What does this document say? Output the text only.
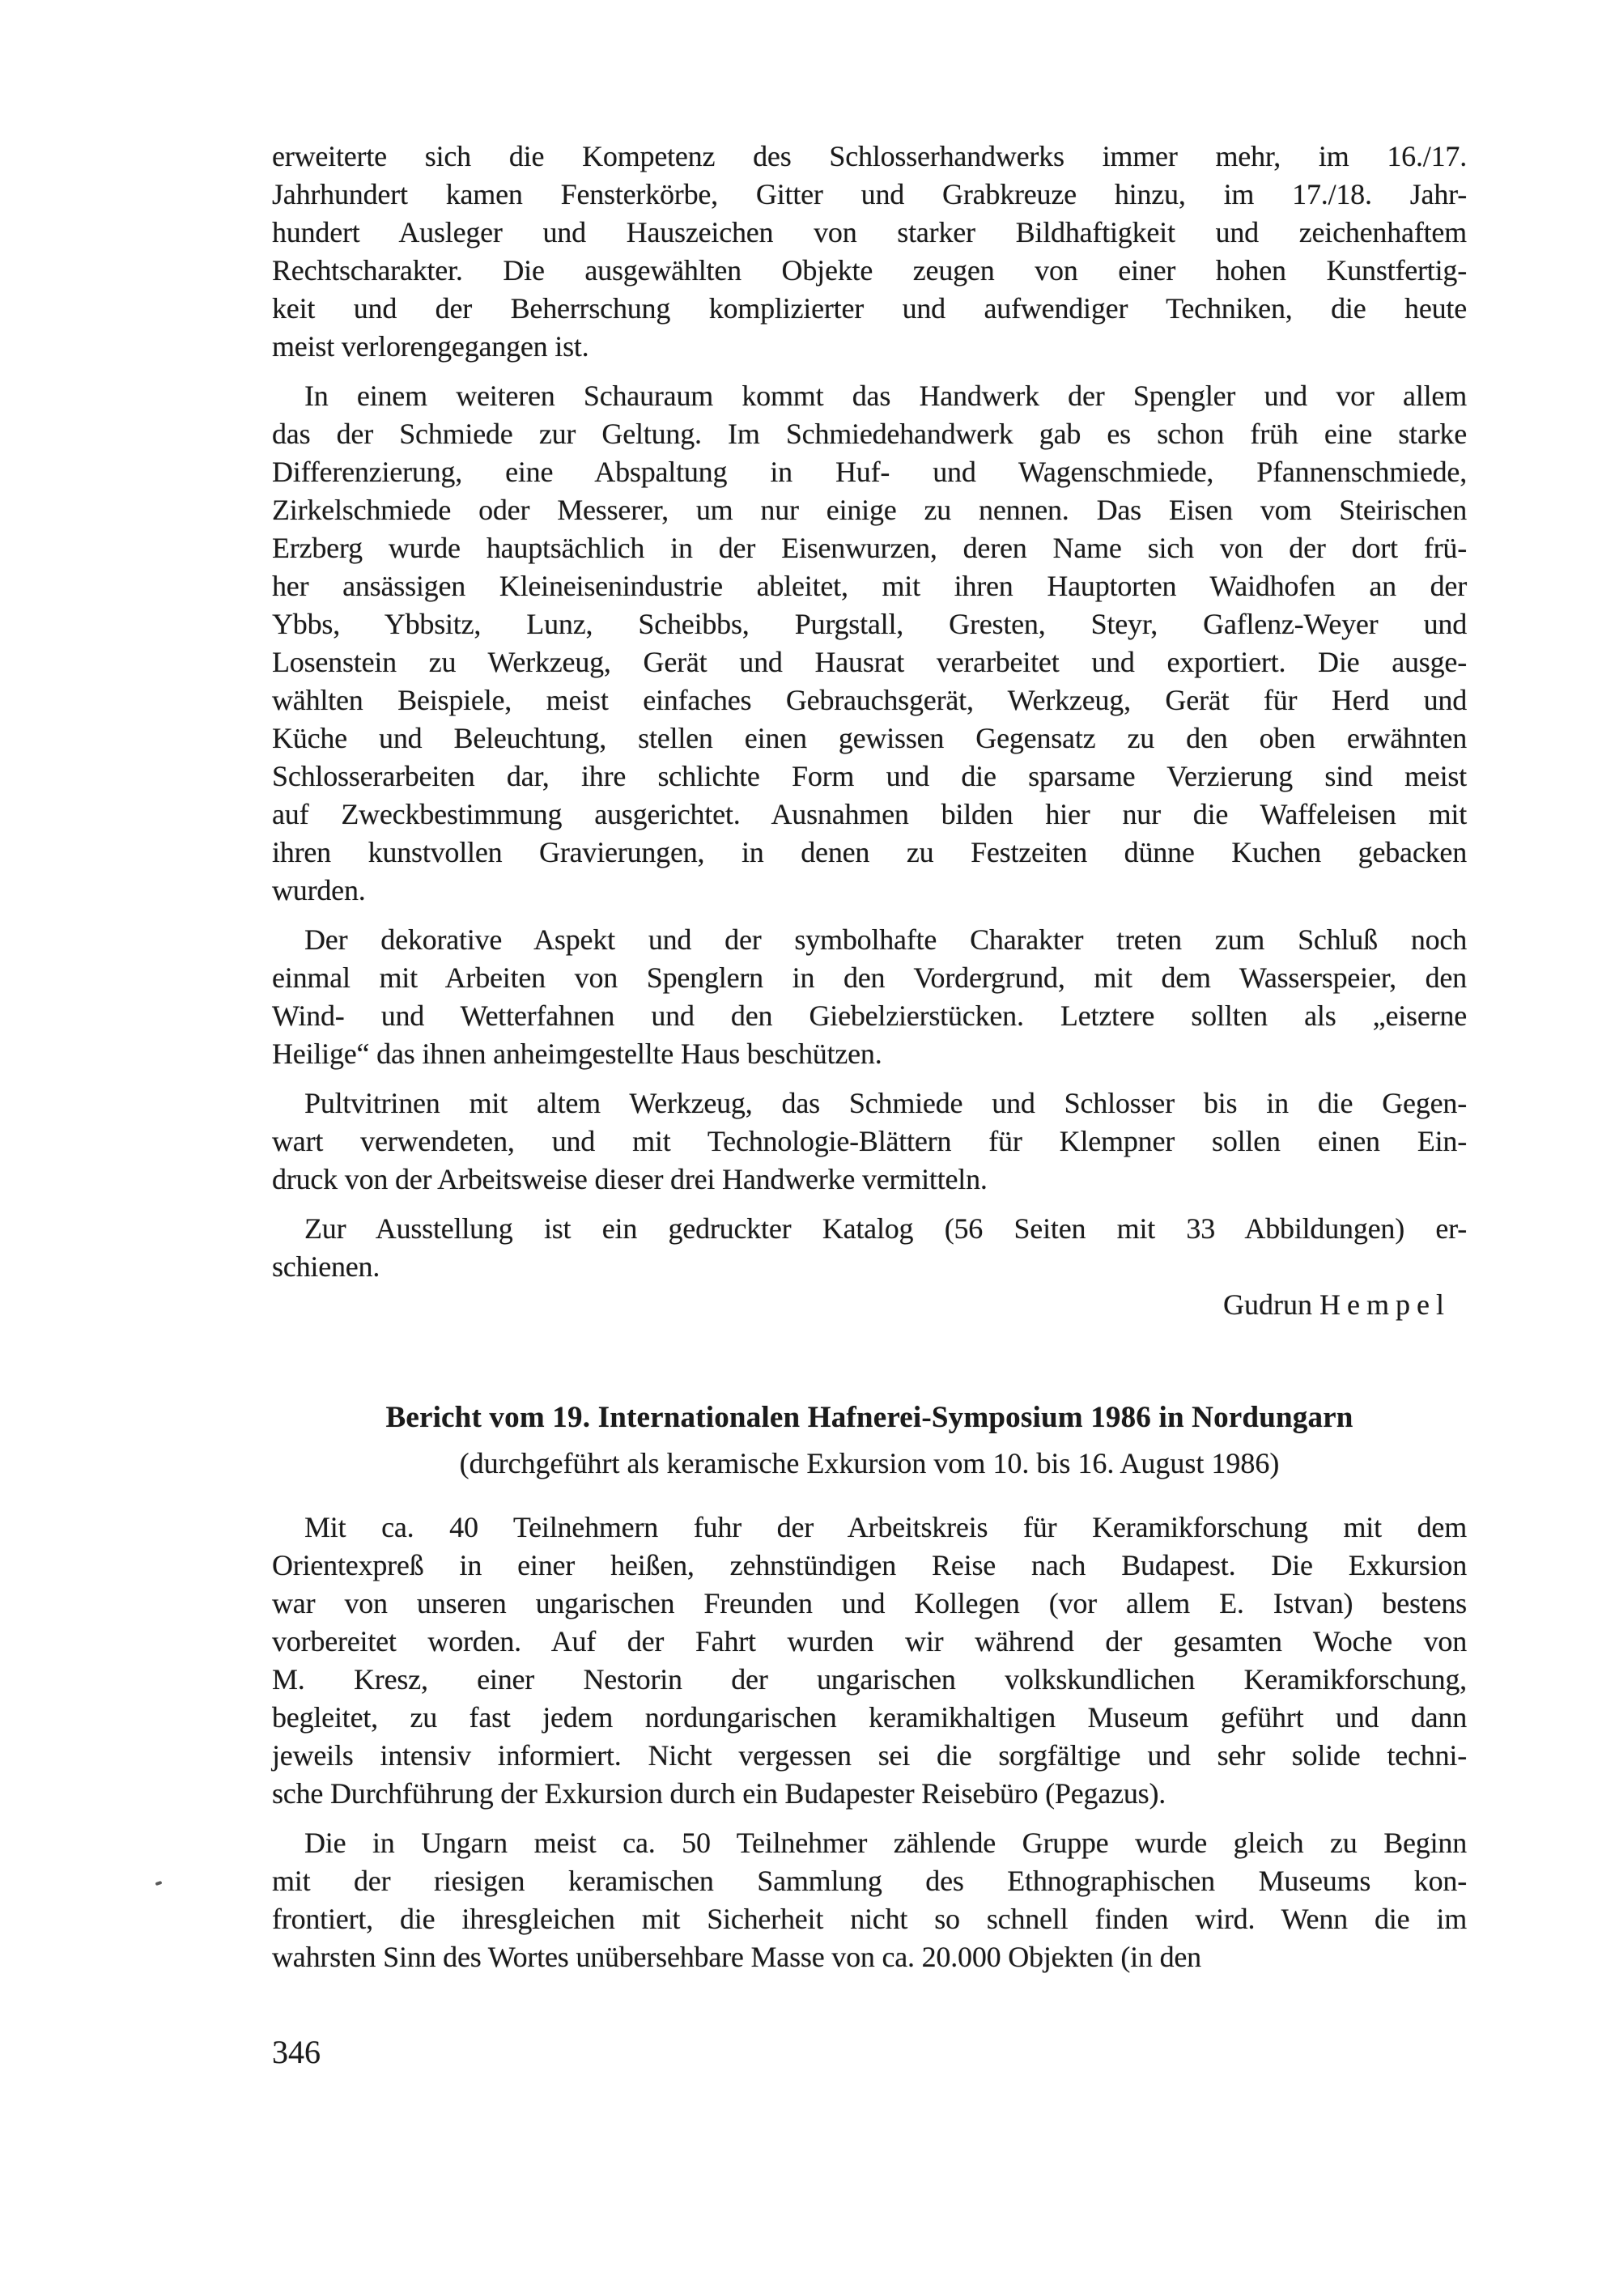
erweiterte sich die Kompetenz des Schlosserhandwerks immer mehr, im 16./17.
Jahrhundert kamen Fensterkörbe, Gitter und Grabkreuze hinzu, im 17./18. Jahr-
hundert Ausleger und Hauszeichen von starker Bildhaftigkeit und zeichenhaftem
Rechtscharakter. Die ausgewählten Objekte zeugen von einer hohen Kunstfertig-
keit und der Beherrschung komplizierter und aufwendiger Techniken, die heute
meist verlorengegangen ist.
In einem weiteren Schauraum kommt das Handwerk der Spengler und vor allem
das der Schmiede zur Geltung. Im Schmiedehandwerk gab es schon früh eine starke
Differenzierung, eine Abspaltung in Huf- und Wagenschmiede, Pfannenschmiede,
Zirkelschmiede oder Messerer, um nur einige zu nennen. Das Eisen vom Steirischen
Erzberg wurde hauptsächlich in der Eisenwurzen, deren Name sich von der dort frü-
her ansässigen Kleineisenindustrie ableitet, mit ihren Hauptorten Waidhofen an der
Ybbs, Ybbsitz, Lunz, Scheibbs, Purgstall, Gresten, Steyr, Gaflenz-Weyer und
Losenstein zu Werkzeug, Gerät und Hausrat verarbeitet und exportiert. Die ausge-
wählten Beispiele, meist einfaches Gebrauchsgerät, Werkzeug, Gerät für Herd und
Küche und Beleuchtung, stellen einen gewissen Gegensatz zu den oben erwähnten
Schlosserarbeiten dar, ihre schlichte Form und die sparsame Verzierung sind meist
auf Zweckbestimmung ausgerichtet. Ausnahmen bilden hier nur die Waffeleisen mit
ihren kunstvollen Gravierungen, in denen zu Festzeiten dünne Kuchen gebacken
wurden.
Der dekorative Aspekt und der symbolhafte Charakter treten zum Schluß noch
einmal mit Arbeiten von Spenglern in den Vordergrund, mit dem Wasserspeier, den
Wind- und Wetterfahnen und den Giebelzierstücken. Letztere sollten als „eiserne
Heilige“ das ihnen anheimgestellte Haus beschützen.
Pultvitrinen mit altem Werkzeug, das Schmiede und Schlosser bis in die Gegen-
wart verwendeten, und mit Technologie-Blättern für Klempner sollen einen Ein-
druck von der Arbeitsweise dieser drei Handwerke vermitteln.
Zur Ausstellung ist ein gedruckter Katalog (56 Seiten mit 33 Abbildungen) er-
schienen.
Gudrun Hempel
Bericht vom 19. Internationalen Hafnerei-Symposium 1986 in Nordungarn
(durchgeführt als keramische Exkursion vom 10. bis 16. August 1986)
Mit ca. 40 Teilnehmern fuhr der Arbeitskreis für Keramikforschung mit dem
Orientexpreß in einer heißen, zehnstündigen Reise nach Budapest. Die Exkursion
war von unseren ungarischen Freunden und Kollegen (vor allem E. Istvan) bestens
vorbereitet worden. Auf der Fahrt wurden wir während der gesamten Woche von
M. Kresz, einer Nestorin der ungarischen volkskundlichen Keramikforschung,
begleitet, zu fast jedem nordungarischen keramikhaltigen Museum geführt und dann
jeweils intensiv informiert. Nicht vergessen sei die sorgfältige und sehr solide techni-
sche Durchführung der Exkursion durch ein Budapester Reisebüro (Pegazus).
Die in Ungarn meist ca. 50 Teilnehmer zählende Gruppe wurde gleich zu Beginn
mit der riesigen keramischen Sammlung des Ethnographischen Museums kon-
frontiert, die ihresgleichen mit Sicherheit nicht so schnell finden wird. Wenn die im
wahrsten Sinn des Wortes unübersehbare Masse von ca. 20.000 Objekten (in den
346
